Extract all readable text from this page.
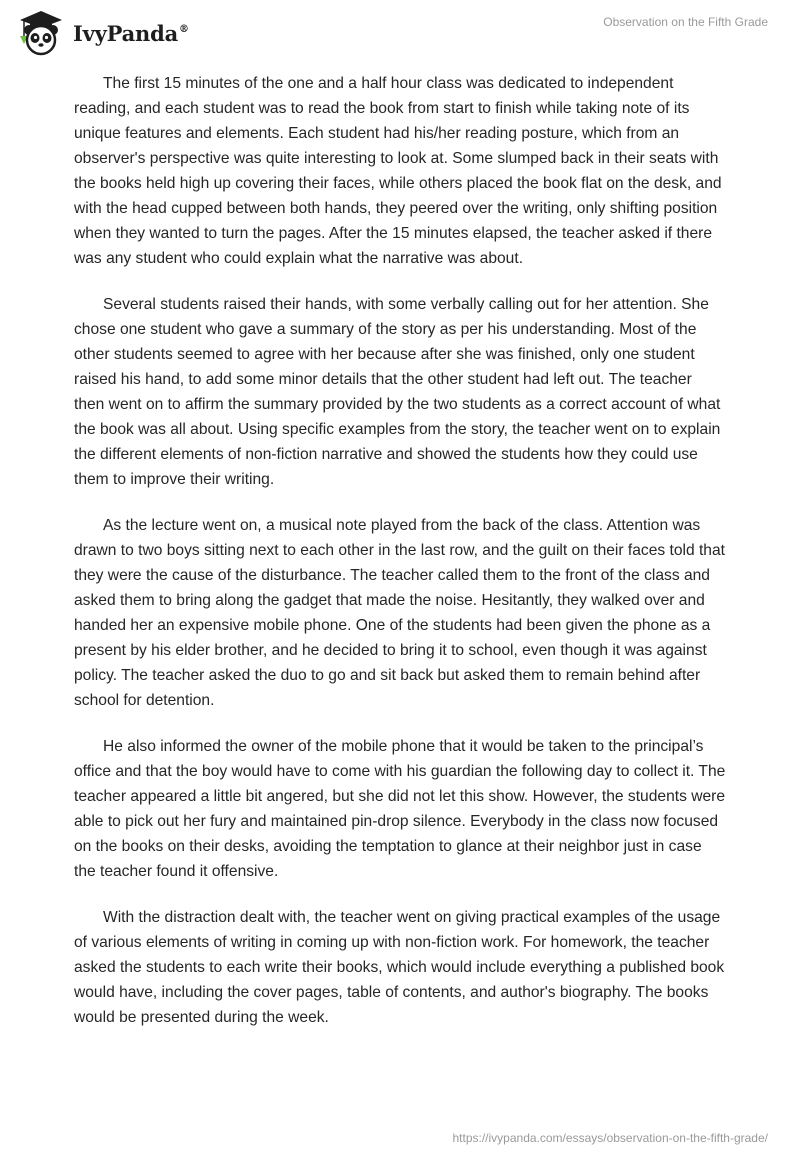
IvyPanda®	Observation on the Fifth Grade

The first 15 minutes of the one and a half hour class was dedicated to independent reading, and each student was to read the book from start to finish while taking note of its unique features and elements. Each student had his/her reading posture, which from an observer's perspective was quite interesting to look at. Some slumped back in their seats with the books held high up covering their faces, while others placed the book flat on the desk, and with the head cupped between both hands, they peered over the writing, only shifting position when they wanted to turn the pages. After the 15 minutes elapsed, the teacher asked if there was any student who could explain what the narrative was about.

Several students raised their hands, with some verbally calling out for her attention. She chose one student who gave a summary of the story as per his understanding. Most of the other students seemed to agree with her because after she was finished, only one student raised his hand, to add some minor details that the other student had left out. The teacher then went on to affirm the summary provided by the two students as a correct account of what the book was all about. Using specific examples from the story, the teacher went on to explain the different elements of non-fiction narrative and showed the students how they could use them to improve their writing.

As the lecture went on, a musical note played from the back of the class. Attention was drawn to two boys sitting next to each other in the last row, and the guilt on their faces told that they were the cause of the disturbance. The teacher called them to the front of the class and asked them to bring along the gadget that made the noise. Hesitantly, they walked over and handed her an expensive mobile phone. One of the students had been given the phone as a present by his elder brother, and he decided to bring it to school, even though it was against policy. The teacher asked the duo to go and sit back but asked them to remain behind after school for detention.

He also informed the owner of the mobile phone that it would be taken to the principal’s office and that the boy would have to come with his guardian the following day to collect it. The teacher appeared a little bit angered, but she did not let this show. However, the students were able to pick out her fury and maintained pin-drop silence. Everybody in the class now focused on the books on their desks, avoiding the temptation to glance at their neighbor just in case the teacher found it offensive.

With the distraction dealt with, the teacher went on giving practical examples of the usage of various elements of writing in coming up with non-fiction work. For homework, the teacher asked the students to each write their books, which would include everything a published book would have, including the cover pages, table of contents, and author's biography. The books would be presented during the week.

https://ivypanda.com/essays/observation-on-the-fifth-grade/
